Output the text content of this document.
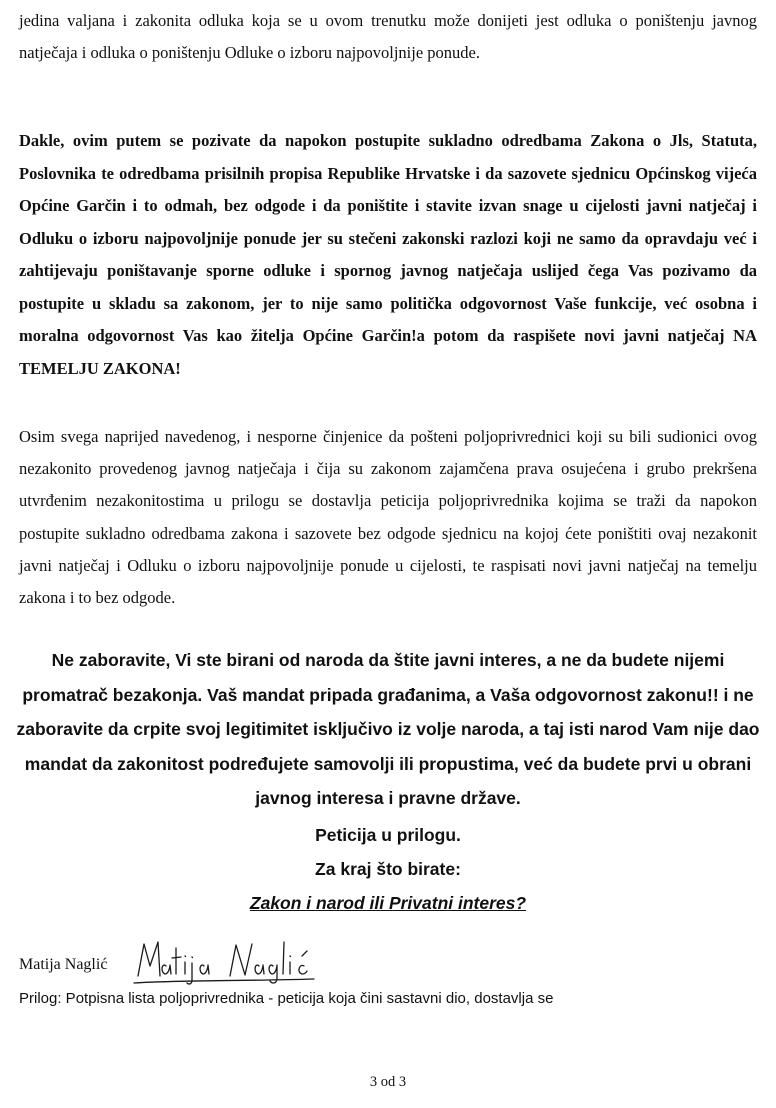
jedina valjana i zakonita odluka koja se u ovom trenutku može donijeti jest odluka o poništenju javnog natječaja i odluka o poništenju Odluke o izboru najpovoljnije ponude.

Dakle, ovim putem se pozivate da napokon postupite sukladno odredbama Zakona o Jls, Statuta, Poslovnika te odredbama prisilnih propisa Republike Hrvatske i da sazovete sjednicu Općinskog vijeća Općine Garčin i to odmah, bez odgode i da poništite i stavite izvan snage u cijelosti javni natječaj i Odluku o izboru najpovoljnije ponude jer su stečeni zakonski razlozi koji ne samo da opravdaju već i zahtijevaju poništavanje sporne odluke i spornog javnog natječaja uslijed čega Vas pozivamo da postupite u skladu sa zakonom, jer to nije samo politička odgovornost Vaše funkcije, već osobna i moralna odgovornost Vas kao žitelja Općine Garčin!a potom da raspišete novi javni natječaj NA TEMELJU ZAKONA!

Osim svega naprijed navedenog, i nesporne činjenice da pošteni poljoprivrednici koji su bili sudionici ovog nezakonito provedenog javnog natječaja i čija su zakonom zajamčena prava osujećena i grubo prekršena utvrđenim nezakonitostima u prilogu se dostavlja peticija poljoprivrednika kojima se traži da napokon postupite sukladno odredbama zakona i sazovete bez odgode sjednicu na kojoj ćete poništiti ovaj nezakonit javni natječaj i Odluku o izboru najpovoljnije ponude u cijelosti, te raspisati novi javni natječaj na temelju zakona i to bez odgode.

Ne zaboravite, Vi ste birani od naroda da štite javni interes, a ne da budete nijemi promatrač bezakonja. Vaš mandat pripada građanima, a Vaša odgovornost zakonu!! i ne zaboravite da crpite svoj legitimitet isključivo iz volje naroda, a taj isti narod Vam nije dao mandat da zakonitost podređujete samovolji ili propustima, već da budete prvi u obrani javnog interesa i pravne države.

Peticija u prilogu.

Za kraj što birate:

Zakon i narod ili Privatni interes?

Matija Naglić
Prilog: Potpisna lista poljoprivrednika - peticija koja čini sastavni dio, dostavlja se
3 od 3
